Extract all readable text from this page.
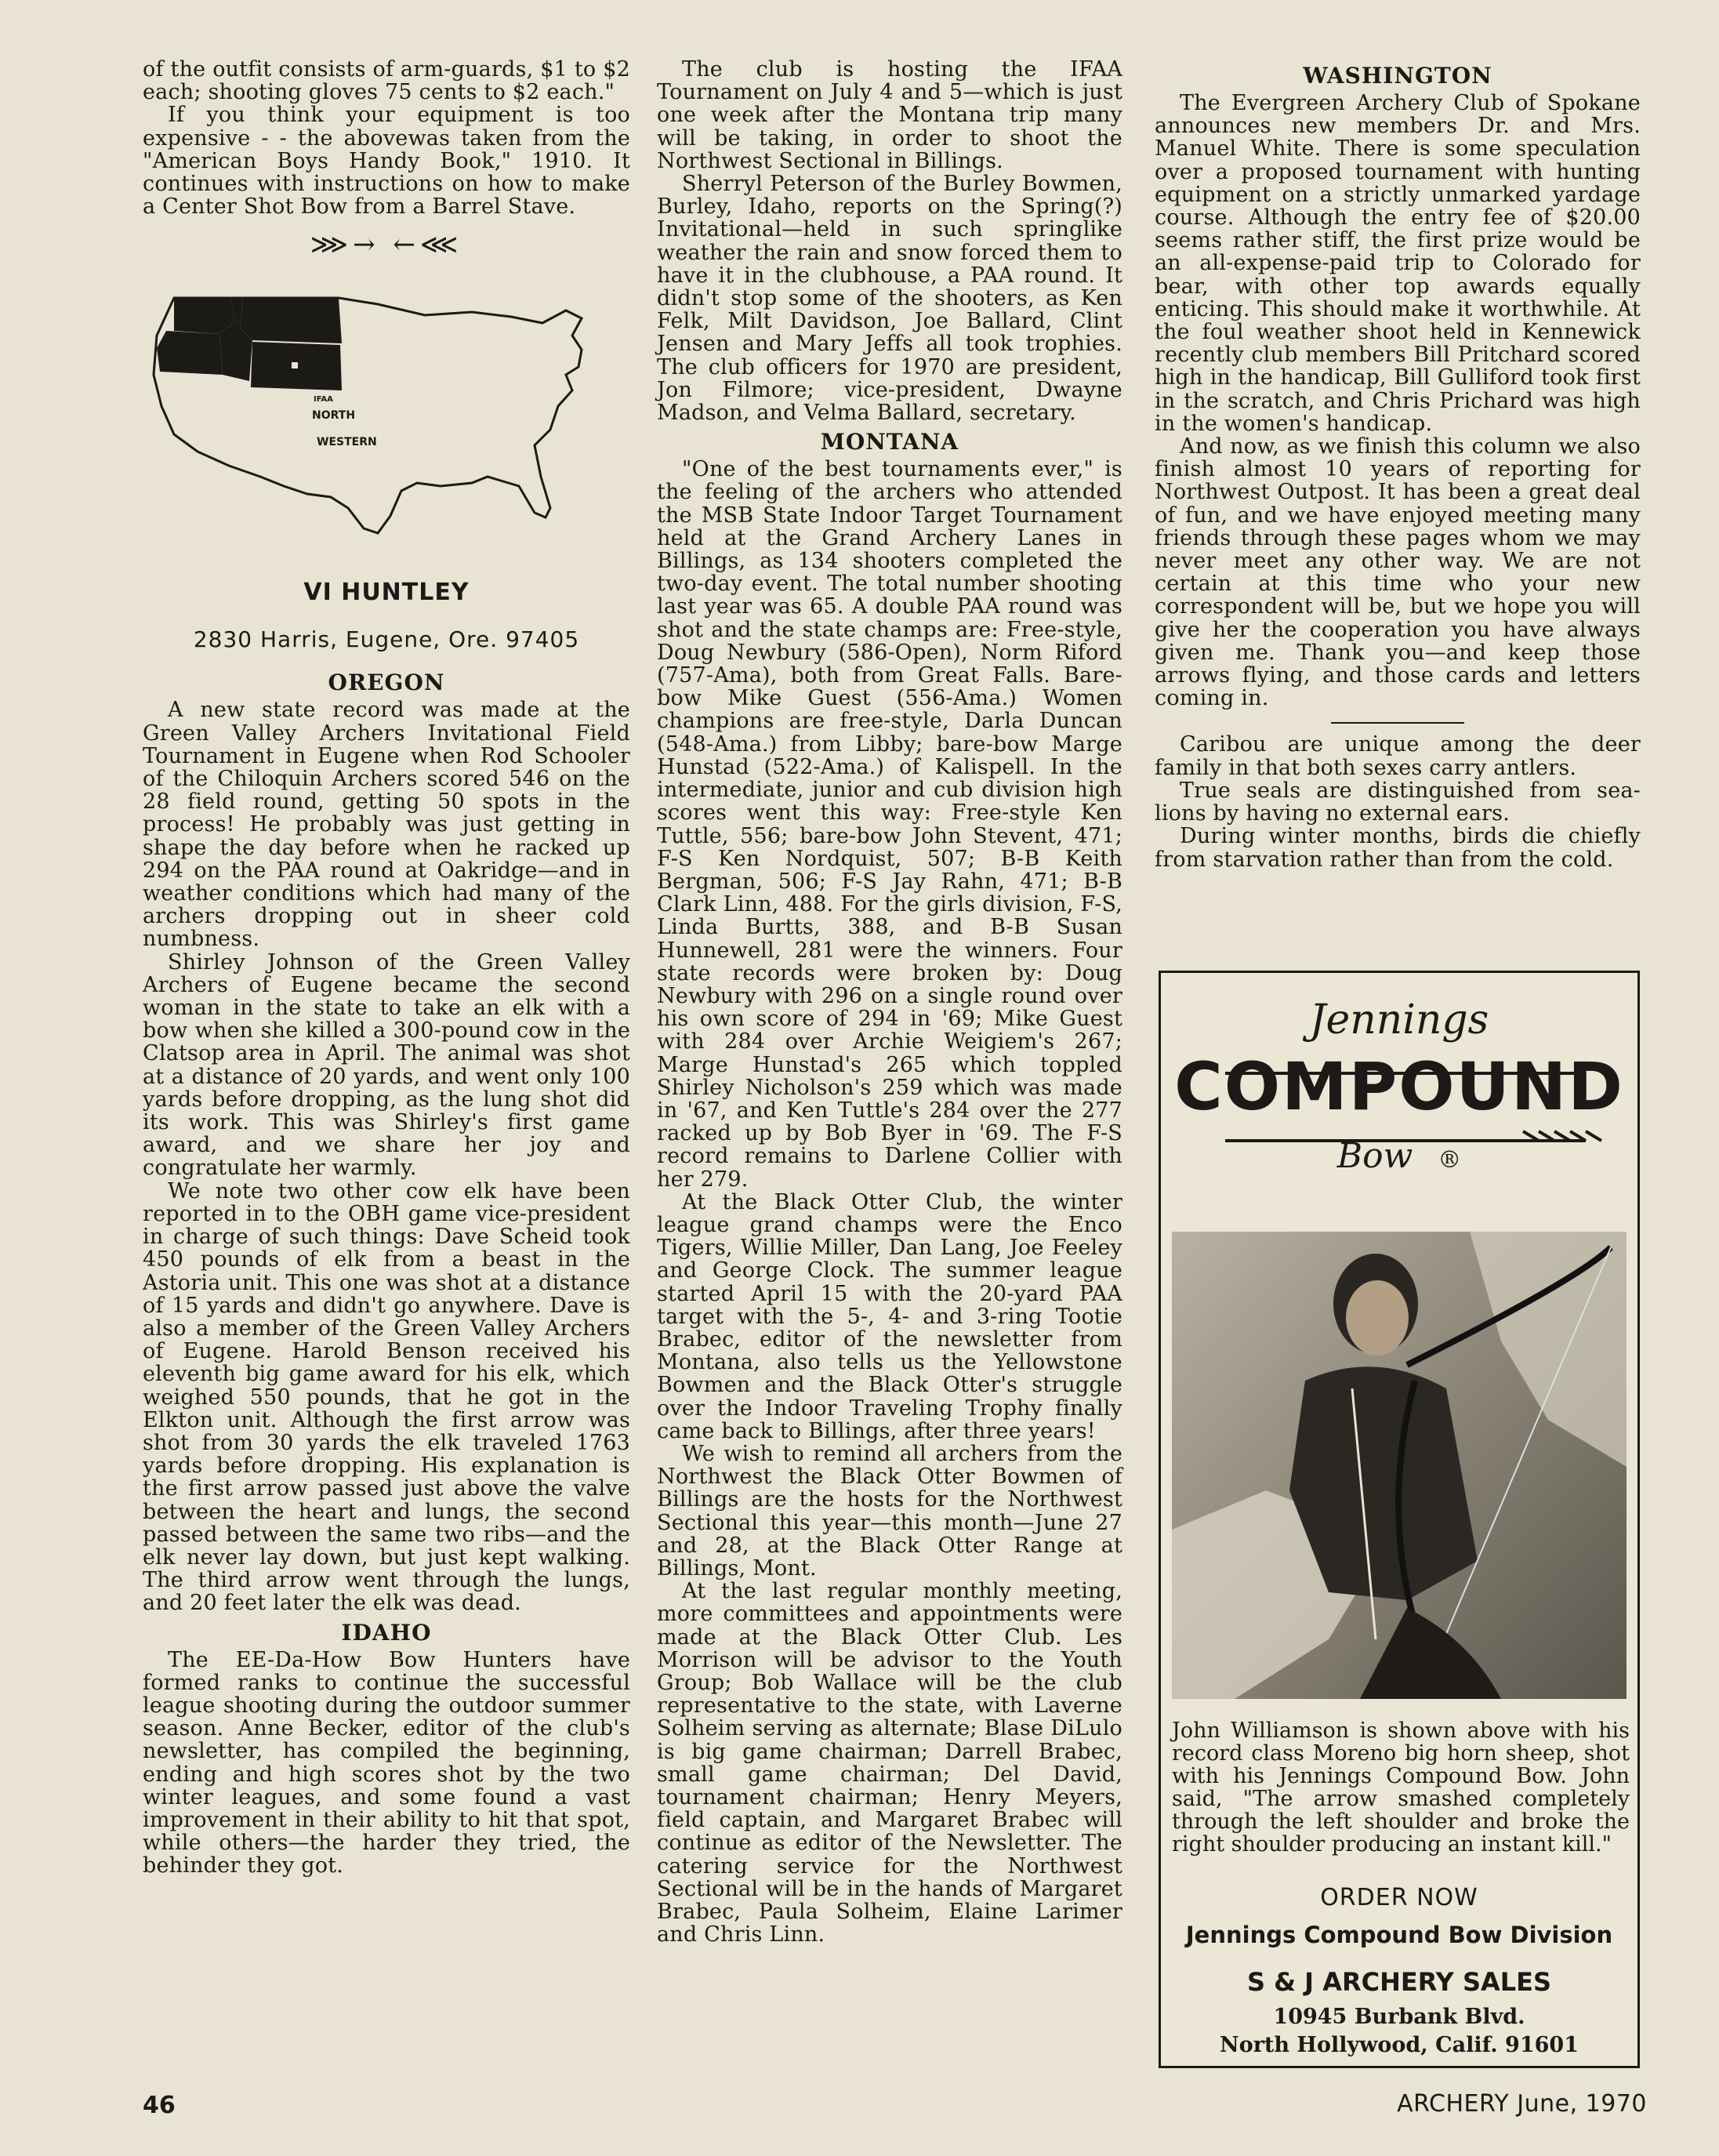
of the outfit consists of arm-guards, $1 to $2 each; shooting gloves 75 cents to $2 each."

If you think your equipment is too expensive - - the abovewas taken from the "American Boys Handy Book," 1910. It continues with instructions on how to make a Center Shot Bow from a Barrel Stave.

⋙→ ←⋘
IFAA
NORTH
WESTERN
VI HUNTLEY
2830 Harris, Eugene, Ore. 97405
OREGON

A new state record was made at the Green Valley Archers Invitational Field Tournament in Eugene when Rod Schooler of the Chiloquin Archers scored 546 on the 28 field round, getting 50 spots in the process! He probably was just getting in shape the day before when he racked up 294 on the PAA round at Oakridge—and in weather conditions which had many of the archers dropping out in sheer cold numbness.

Shirley Johnson of the Green Valley Archers of Eugene became the second woman in the state to take an elk with a bow when she killed a 300-pound cow in the Clatsop area in April. The animal was shot at a distance of 20 yards, and went only 100 yards before dropping, as the lung shot did its work. This was Shirley's first game award, and we share her joy and congratulate her warmly.

We note two other cow elk have been reported in to the OBH game vice-president in charge of such things: Dave Scheid took 450 pounds of elk from a beast in the Astoria unit. This one was shot at a distance of 15 yards and didn't go anywhere. Dave is also a member of the Green Valley Archers of Eugene. Harold Benson received his eleventh big game award for his elk, which weighed 550 pounds, that he got in the Elkton unit. Although the first arrow was shot from 30 yards the elk traveled 1763 yards before dropping. His explanation is the first arrow passed just above the valve between the heart and lungs, the second passed between the same two ribs—and the elk never lay down, but just kept walking. The third arrow went through the lungs, and 20 feet later the elk was dead.

IDAHO

The EE-Da-How Bow Hunters have formed ranks to continue the successful league shooting during the outdoor summer season. Anne Becker, editor of the club's newsletter, has compiled the beginning, ending and high scores shot by the two winter leagues, and some found a vast improvement in their ability to hit that spot, while others—the harder they tried, the behinder they got.

The club is hosting the IFAA Tournament on July 4 and 5—which is just one week after the Montana trip many will be taking, in order to shoot the Northwest Sectional in Billings.

Sherryl Peterson of the Burley Bowmen, Burley, Idaho, reports on the Spring(?) Invitational—held in such springlike weather the rain and snow forced them to have it in the clubhouse, a PAA round. It didn't stop some of the shooters, as Ken Felk, Milt Davidson, Joe Ballard, Clint Jensen and Mary Jeffs all took trophies. The club officers for 1970 are president, Jon Filmore; vice-president, Dwayne Madson, and Velma Ballard, secretary.

MONTANA

"One of the best tournaments ever," is the feeling of the archers who attended the MSB State Indoor Target Tournament held at the Grand Archery Lanes in Billings, as 134 shooters completed the two-day event. The total number shooting last year was 65. A double PAA round was shot and the state champs are: Free-style, Doug Newbury (586-Open), Norm Riford (757-Ama), both from Great Falls. Bare-bow Mike Guest (556-Ama.) Women champions are free-style, Darla Duncan (548-Ama.) from Libby; bare-bow Marge Hunstad (522-Ama.) of Kalispell. In the intermediate, junior and cub division high scores went this way: Free-style Ken Tuttle, 556; bare-bow John Stevent, 471; F-S Ken Nordquist, 507; B-B Keith Bergman, 506; F-S Jay Rahn, 471; B-B Clark Linn, 488. For the girls division, F-S, Linda Burtts, 388, and B-B Susan Hunnewell, 281 were the winners. Four state records were broken by: Doug Newbury with 296 on a single round over his own score of 294 in '69; Mike Guest with 284 over Archie Weigiem's 267; Marge Hunstad's 265 which toppled Shirley Nicholson's 259 which was made in '67, and Ken Tuttle's 284 over the 277 racked up by Bob Byer in '69. The F-S record remains to Darlene Collier with her 279.

At the Black Otter Club, the winter league grand champs were the Enco Tigers, Willie Miller, Dan Lang, Joe Feeley and George Clock. The summer league started April 15 with the 20-yard PAA target with the 5-, 4- and 3-ring Tootie Brabec, editor of the newsletter from Montana, also tells us the Yellowstone Bowmen and the Black Otter's struggle over the Indoor Traveling Trophy finally came back to Billings, after three years!

We wish to remind all archers from the Northwest the Black Otter Bowmen of Billings are the hosts for the Northwest Sectional this year—this month—June 27 and 28, at the Black Otter Range at Billings, Mont.

At the last regular monthly meeting, more committees and appointments were made at the Black Otter Club. Les Morrison will be advisor to the Youth Group; Bob Wallace will be the club representative to the state, with Laverne Solheim serving as alternate; Blase DiLulo is big game chairman; Darrell Brabec, small game chairman; Del David, tournament chairman; Henry Meyers, field captain, and Margaret Brabec will continue as editor of the Newsletter. The catering service for the Northwest Sectional will be in the hands of Margaret Brabec, Paula Solheim, Elaine Larimer and Chris Linn.

WASHINGTON

The Evergreen Archery Club of Spokane announces new members Dr. and Mrs. Manuel White. There is some speculation over a proposed tournament with hunting equipment on a strictly unmarked yardage course. Although the entry fee of $20.00 seems rather stiff, the first prize would be an all-expense-paid trip to Colorado for bear, with other top awards equally enticing. This should make it worthwhile. At the foul weather shoot held in Kennewick recently club members Bill Pritchard scored high in the handicap, Bill Gulliford took first in the scratch, and Chris Prichard was high in the women's handicap.

And now, as we finish this column we also finish almost 10 years of reporting for Northwest Outpost. It has been a great deal of fun, and we have enjoyed meeting many friends through these pages whom we may never meet any other way. We are not certain at this time who your new correspondent will be, but we hope you will give her the cooperation you have always given me. Thank you—and keep those arrows flying, and those cards and letters coming in.

Caribou are unique among the deer family in that both sexes carry antlers.

True seals are distinguished from sea-lions by having no external ears.

During winter months, birds die chiefly from starvation rather than from the cold.

Jennings
COMPOUND
Bow ®
John Williamson is shown above with his record class Moreno big horn sheep, shot with his Jennings Compound Bow. John said, "The arrow smashed completely through the left shoulder and broke the right shoulder producing an instant kill."
ORDER NOW
Jennings Compound Bow Division
S & J ARCHERY SALES
10945 Burbank Blvd.
North Hollywood, Calif. 91601
46	ARCHERY June, 1970
